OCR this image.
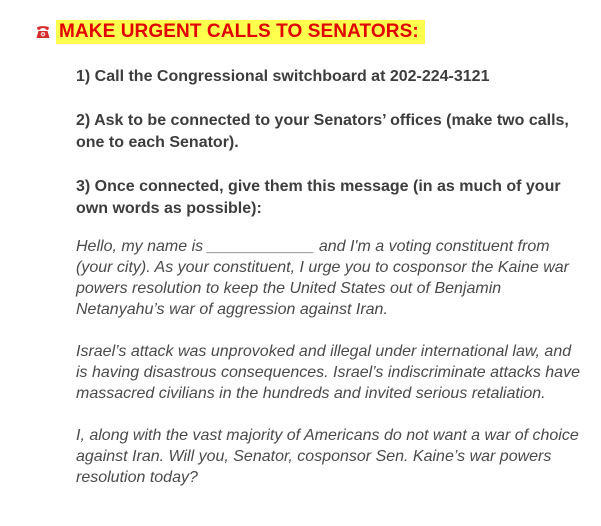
MAKE URGENT CALLS TO SENATORS:

1) Call the Congressional switchboard at 202-224-3121

2) Ask to be connected to your Senators’ offices (make two calls, one to each Senator).

3) Once connected, give them this message (in as much of your own words as possible):

Hello, my name is ____________ and I'm a voting constituent from (your city). As your constituent, I urge you to cosponsor the Kaine war powers resolution to keep the United States out of Benjamin Netanyahu’s war of aggression against Iran.

Israel’s attack was unprovoked and illegal under international law, and is having disastrous consequences. Israel’s indiscriminate attacks have massacred civilians in the hundreds and invited serious retaliation.

I, along with the vast majority of Americans do not want a war of choice against Iran. Will you, Senator, cosponsor Sen. Kaine’s war powers resolution today?
